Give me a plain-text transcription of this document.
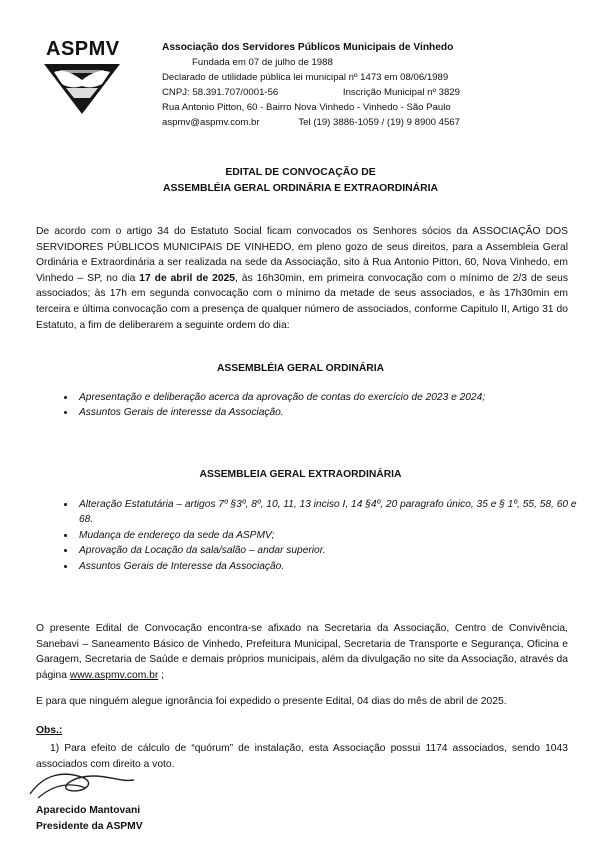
ASPMV	Associação dos Servidores Públicos Municipais de Vinhedo
Fundada em 07 de julho de 1988
Declarado de utilidade pública lei municipal nº 1473 em 08/06/1989
CNPJ: 58.391.707/0001-56	Inscrição Municipal nº 3829
Rua Antonio Pitton, 60 - Bairro Nova Vinhedo - Vinhedo - São Paulo
aspmv@aspmv.com.br	Tel (19) 3886-1059 / (19) 9 8900 4567
EDITAL DE CONVOCAÇÃO DE
ASSEMBLÉIA GERAL ORDINÁRIA E EXTRAORDINÁRIA
De acordo com o artigo 34 do Estatuto Social ficam convocados os Senhores sócios da ASSOCIAÇÃO DOS SERVIDORES PÚBLICOS MUNICIPAIS DE VINHEDO, em pleno gozo de seus direitos, para a Assembleia Geral Ordinária e Extraordinária a ser realizada na sede da Associação, sito à Rua Antonio Pitton, 60, Nova Vinhedo, em Vinhedo – SP, no dia 17 de abril de 2025, às 16h30min, em primeira convocação com o mínimo de 2/3 de seus associados; às 17h em segunda convocação com o mínimo da metade de seus associados, e às 17h30min em terceira e última convocação com a presença de qualquer número de associados, conforme Capitulo II, Artigo 31 do Estatuto, a fim de deliberarem a seguinte ordem do dia:
ASSEMBLÉIA GERAL ORDINÁRIA
• Apresentação e deliberação acerca da aprovação de contas do exercício de 2023 e 2024;
• Assuntos Gerais de interesse da Associação.
ASSEMBLEIA GERAL EXTRAORDINÁRIA
• Alteração Estatutária – artigos 7º §3º, 8º, 10, 11, 13 inciso I, 14 §4º, 20 paragrafo único, 35 e § 1º, 55, 58, 60 e 68.
• Mudança de endereço da sede da ASPMV;
• Aprovação da Locação da sala/salão – andar superior.
• Assuntos Gerais de Interesse da Associação.
O presente Edital de Convocação encontra-se afixado na Secretaria da Associação, Centro de Convivência, Sanebavi – Saneamento Básico de Vinhedo, Prefeitura Municipal, Secretaria de Transporte e Segurança, Oficina e Garagem, Secretaria de Saúde e demais próprios municipais, além da divulgação no site da Associação, através da página www.aspmv.com.br ;
E para que ninguém alegue ignorância foi expedido o presente Edital, 04 dias do mês de abril de 2025.
Obs.:
1) Para efeito de cálculo de “quórum” de instalação, esta Associação possui 1174 associados, sendo 1043 associados com direito a voto.
Aparecido Mantovani
Presidente da ASPMV
